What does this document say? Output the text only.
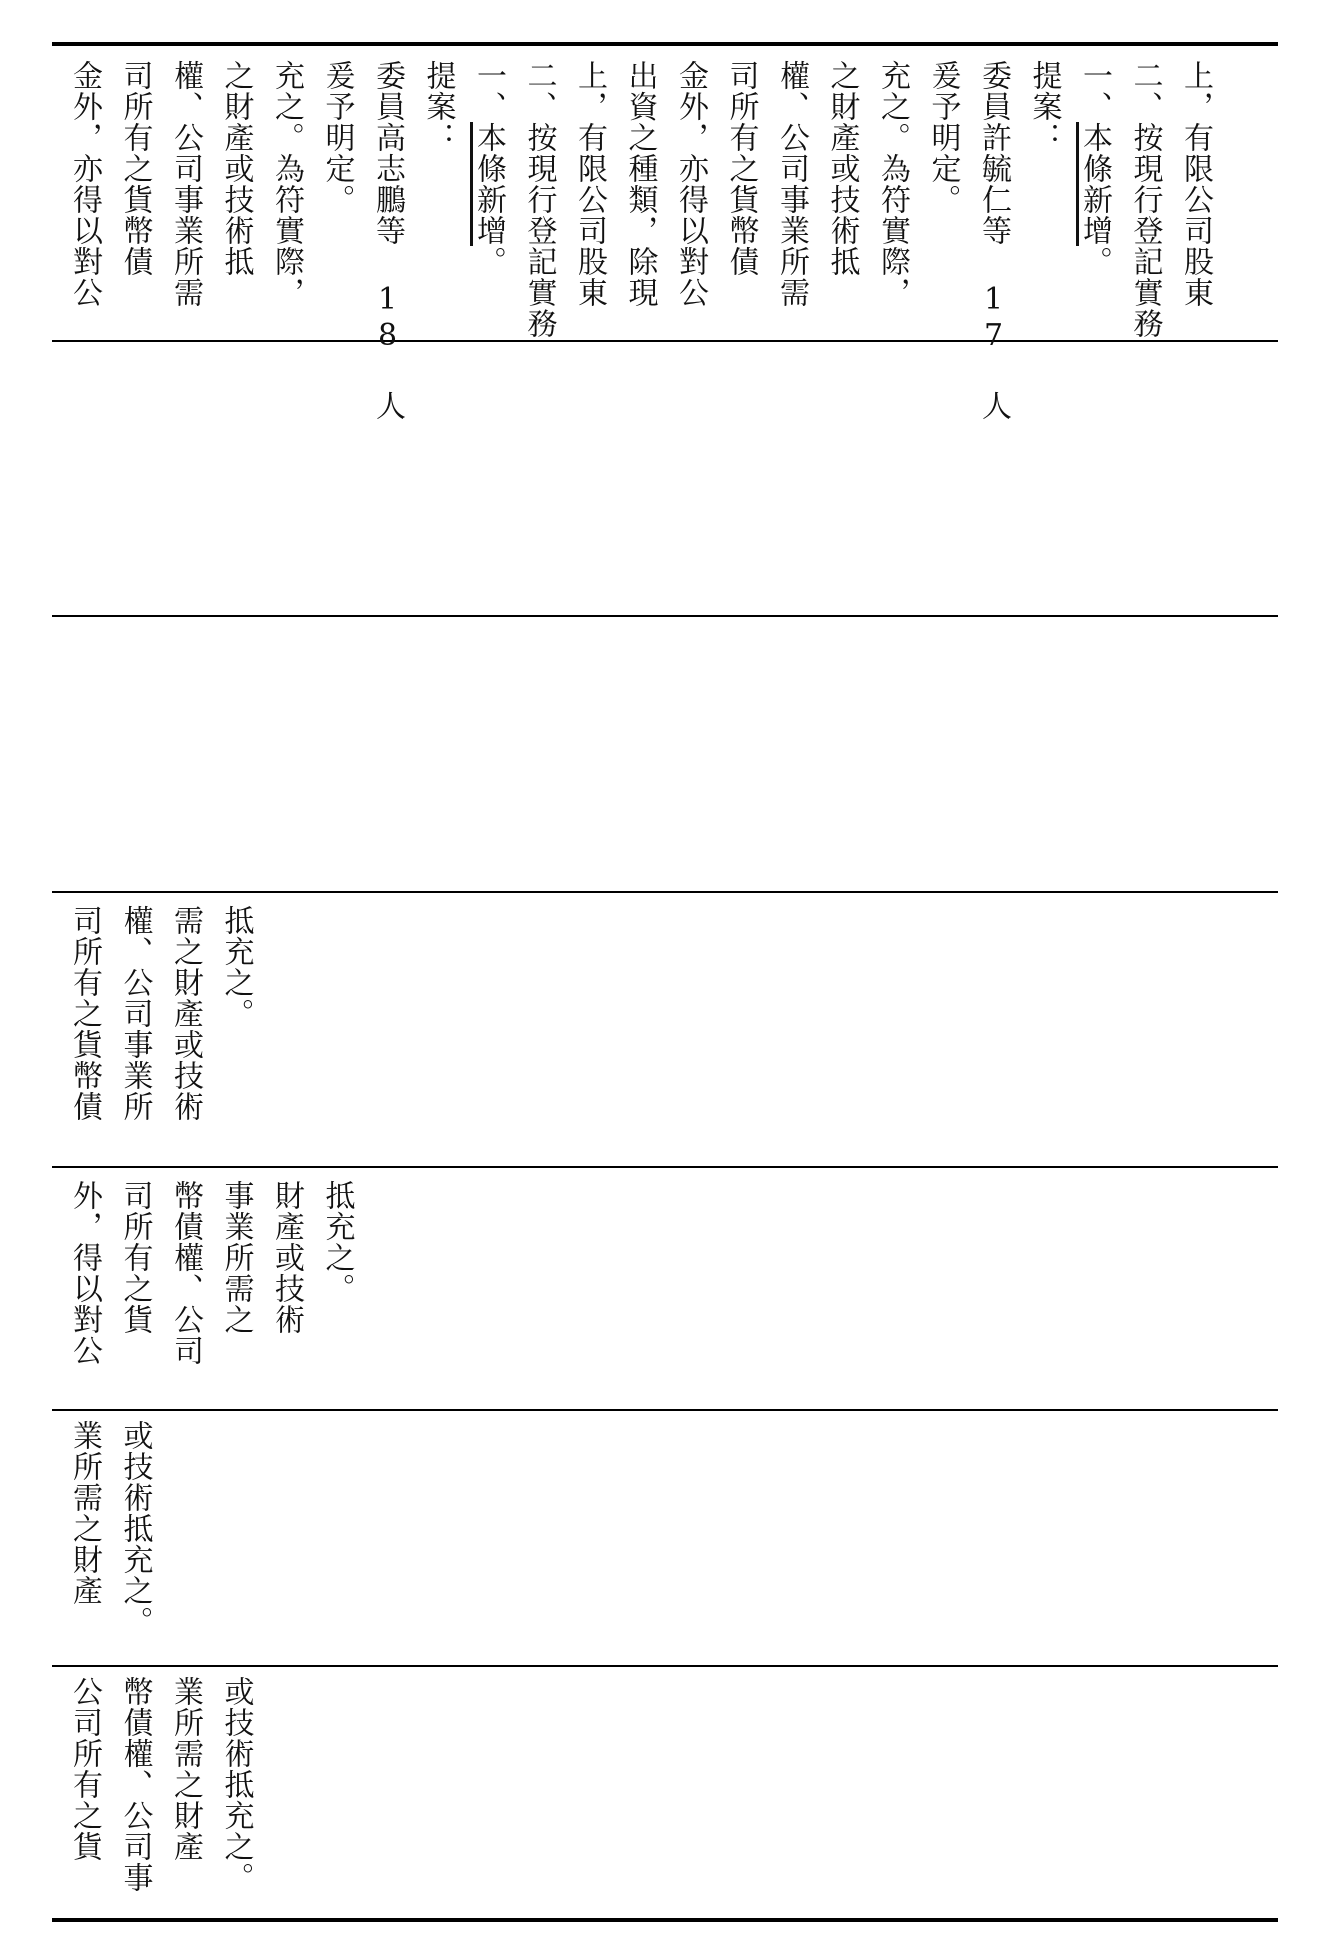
金外，亦得以對公 司所有之貨幣債 權、公司事業所需 之財產或技術抵 充之。為符實際， 爰予明定。 委員高志鵬等 18 人 提案： 一、本條新增。 二、按現行登記實務 上，有限公司股東 出資之種類，除現 金外，亦得以對公 司所有之貨幣債 權、公司事業所需 之財產或技術抵 充之。為符實際， 爰予明定。 委員許毓仁等 17 人 提案： 一、本條新增。 二、按現行登記實務 上，有限公司股東
司所有之貨幣債 權、公司事業所 需之財產或技術 抵充之。
外，得以對公 司所有之貨 幣債權、公司 事業所需之 財產或技術 抵充之。
業所需之財產 或技術抵充之。
公司所有之貨 幣債權、公司事 業所需之財產 或技術抵充之。
